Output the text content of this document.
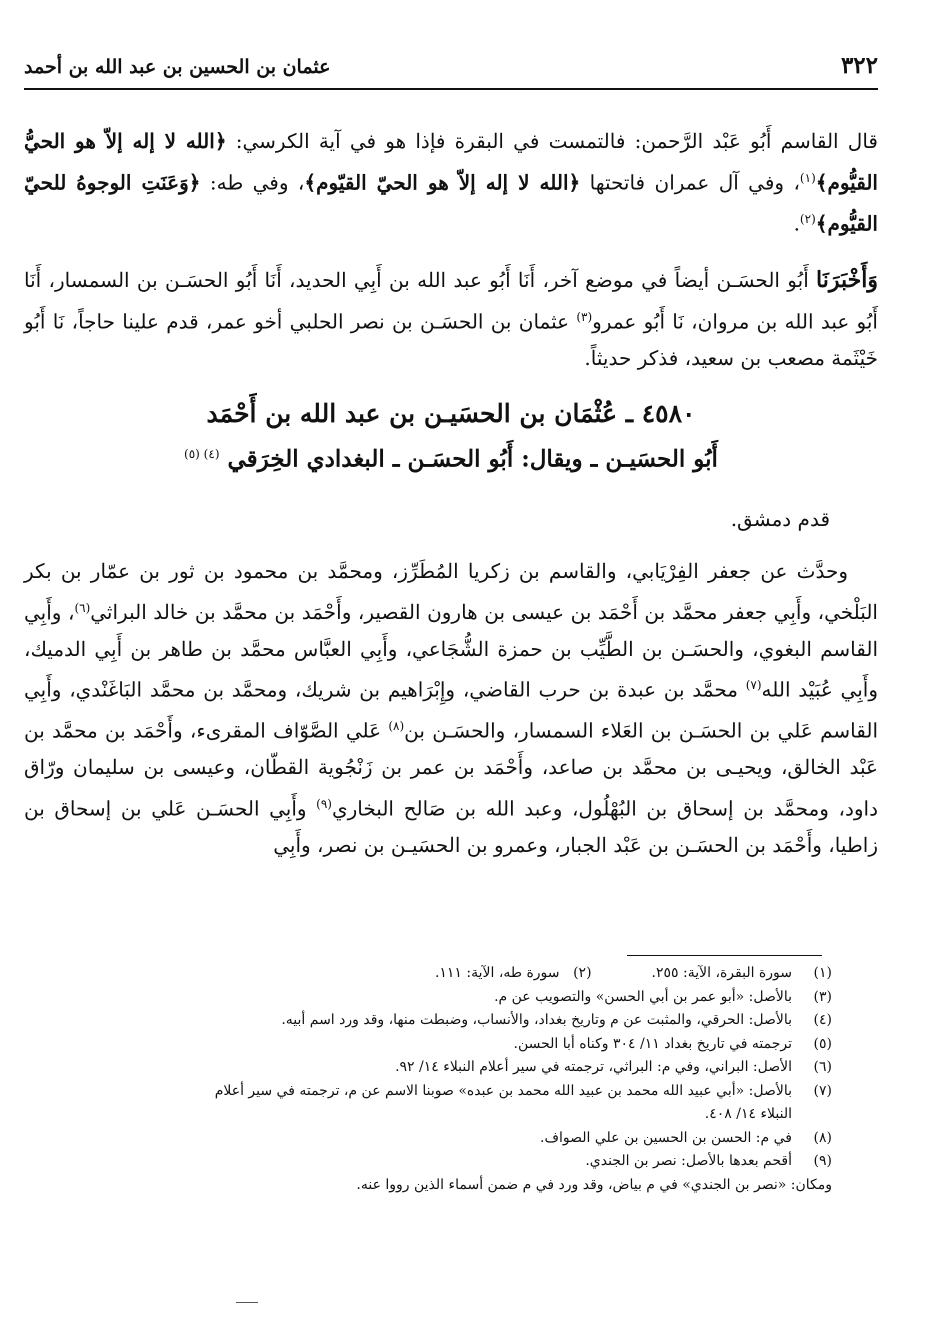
عثمان بن الحسين بن عبد الله بن أحمد	٣٢٢
قال القاسم أَبُو عَبْد الرَّحمن: فالتمست في البقرة فإذا هو في آية الكرسي: ﴿الله لا إله إلاّ هو الحيُّ القيُّوم﴾$^{(١)}$، وفي آل عمران فاتحتها ﴿الله لا إله إلاّ هو الحيّ القيّوم﴾، وفي طه: ﴿وَعَنَتِ الوجوهُ للحيّ القيُّوم﴾$^{(٢)}$.
وَأَخْبَرَنَا أَبُو الحسَـن أيضاً في موضع آخر، أَنَا أَبُو عبد الله بن أَبِي الحديد، أَنَا أَبُو الحسَـن بن السمسار، أَنَا أَبُو عبد الله بن مروان، نَا أَبُو عمرو$^{(٣)}$ عثمان بن الحسَـن بن نصر الحلبي أخو عمر، قدم علينا حاجاً، نَا أَبُو خَيْثَمة مصعب بن سعيد، فذكر حديثاً.
٤٥٨٠ ـ عُثْمَان بن الحسَيـن بن عبد الله بن أَحْمَد
أَبُو الحسَيـن ـ ويقال: أَبُو الحسَـن ـ البغدادي الخِرَقي $^{(٤) (٥)}$
قدم دمشق.
وحدَّث عن جعفر الفِرْيَابي، والقاسم بن زكريا المُطَرِّز، ومحمَّد بن محمود بن ثور بن عمّار بن بكر البَلْخي، وأَبِي جعفر محمَّد بن أَحْمَد بن عيسى بن هارون القصير، وأَحْمَد بن محمَّد بن خالد البراثي$^{(٦)}$، وأَبِي القاسم البغوي، والحسَـن بن الطَّيِّب بن حمزة الشُّجَاعي، وأَبِي العبَّاس محمَّد بن طاهر بن أَبِي الدميك، وأَبِي عُبَيْد الله$^{(٧)}$ محمَّد بن عبدة بن حرب القاضي، وإِبْرَاهيم بن شريك، ومحمَّد بن محمَّد البَاغَنْدي، وأَبِي القاسم عَلي بن الحسَـن بن العَلاء السمسار، والحسَـن بن$^{(٨)}$ عَلي الصَّوّاف المقرىء، وأَحْمَد بن محمَّد بن عَبْد الخالق، ويحيـى بن محمَّد بن صاعد، وأَحْمَد بن عمر بن زَنْجُوية القطّان، وعيسى بن سليمان ورّاق داود، ومحمَّد بن إسحاق بن البُهْلُول، وعبد الله بن صَالح البخاري$^{(٩)}$ وأَبِي الحسَـن عَلي بن إسحاق بن زاطيا، وأَحْمَد بن الحسَـن بن عَبْد الجبار، وعمرو بن الحسَيـن بن نصر، وأَبِي
(١)
سورة البقرة، الآية: ٢٥٥.
(٢)
سورة طه، الآية: ١١١.
(٣)
بالأصل: «أبو عمر بن أبي الحسن» والتصويب عن م.
(٤)
بالأصل: الحرقي، والمثبت عن م وتاريخ بغداد، والأنساب، وضبطت منها، وقد ورد اسم أبيه.
(٥)
ترجمته في تاريخ بغداد ١١/ ٣٠٤ وكناه أبا الحسن.
(٦)
الأصل: البراني، وفي م: البراثي، ترجمته في سير أعلام النبلاء ١٤/ ٩٢.
(٧)
بالأصل: «أبي عبيد الله محمد بن عبيد الله محمد بن عبده» صوبنا الاسم عن م، ترجمته في سير أعلام
النبلاء ١٤/ ٤٠٨.
(٨)
في م: الحسن بن الحسين بن علي الصواف.
(٩)
أقحم بعدها بالأصل: نصر بن الجندي.
ومكان: «نصر بن الجندي» في م بياض، وقد ورد في م ضمن أسماء الذين رووا عنه.
